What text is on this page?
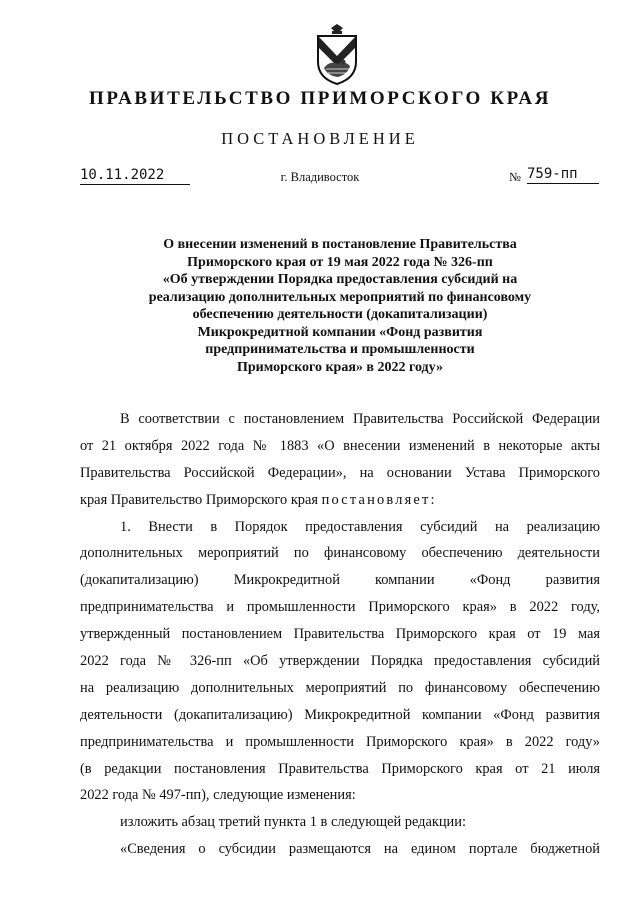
ПРАВИТЕЛЬСТВО ПРИМОРСКОГО КРАЯ
ПОСТАНОВЛЕНИЕ
10.11.2022	г. Владивосток	№ 759-пп
О внесении изменений в постановление Правительства
Приморского края от 19 мая 2022 года № 326-пп
«Об утверждении Порядка предоставления субсидий на
реализацию дополнительных мероприятий по финансовому
обеспечению деятельности (докапитализации)
Микрокредитной компании «Фонд развития
предпринимательства и промышленности
Приморского края» в 2022 году»
В соответствии с постановлением Правительства Российской Федерации
от 21 октября 2022 года № 1883 «О внесении изменений в некоторые акты
Правительства Российской Федерации», на основании Устава Приморского
края Правительство Приморского края постановляет:
1. Внести в Порядок предоставления субсидий на реализацию
дополнительных мероприятий по финансовому обеспечению деятельности
(докапитализацию) Микрокредитной компании «Фонд развития
предпринимательства и промышленности Приморского края» в 2022 году,
утвержденный постановлением Правительства Приморского края от 19 мая
2022 года № 326-пп «Об утверждении Порядка предоставления субсидий
на реализацию дополнительных мероприятий по финансовому обеспечению
деятельности (докапитализацию) Микрокредитной компании «Фонд развития
предпринимательства и промышленности Приморского края» в 2022 году»
(в редакции постановления Правительства Приморского края от 21 июля
2022 года № 497-пп), следующие изменения:
изложить абзац третий пункта 1 в следующей редакции:
«Сведения о субсидии размещаются на едином портале бюджетной
